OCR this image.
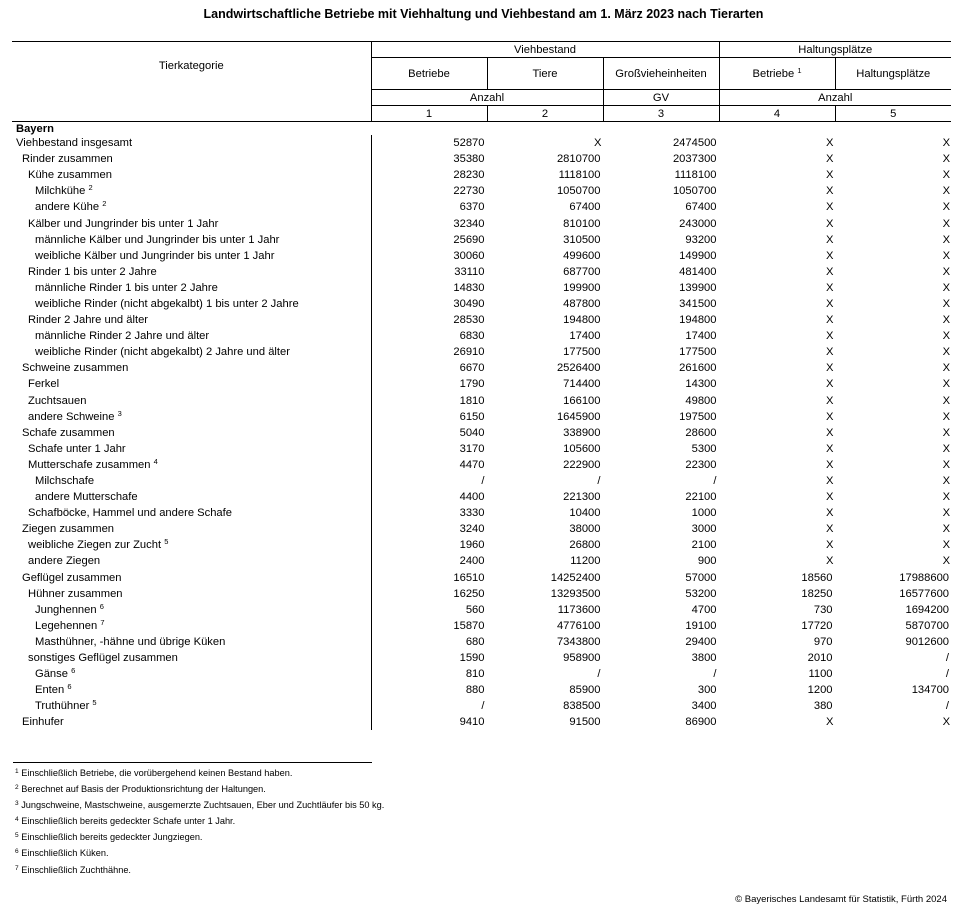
Landwirtschaftliche Betriebe mit Viehhaltung und Viehbestand am 1. März 2023 nach Tierarten
Tierkategorie	Viehbestand			Haltungsplätze	
	Betriebe	Tiere	Großvieheinheiten	Betriebe $^1$	Haltungsplätze
	Anzahl		GV	Anzahl	
	1	2	3	4	5
Bayern					
Viehbestand insgesamt	52870	X	2474500	X	X
Rinder zusammen	35380	2810700	2037300	X	X
Kühe zusammen	28230	1118100	1118100	X	X
Milchkühe $^2$	22730	1050700	1050700	X	X
andere Kühe $^2$	6370	67400	67400	X	X
Kälber und Jungrinder bis unter 1 Jahr	32340	810100	243000	X	X
männliche Kälber und Jungrinder bis unter 1 Jahr	25690	310500	93200	X	X
weibliche Kälber und Jungrinder bis unter 1 Jahr	30060	499600	149900	X	X
Rinder 1 bis unter 2 Jahre	33110	687700	481400	X	X
männliche Rinder 1 bis unter 2 Jahre	14830	199900	139900	X	X
weibliche Rinder (nicht abgekalbt) 1 bis unter 2 Jahre	30490	487800	341500	X	X
Rinder 2 Jahre und älter	28530	194800	194800	X	X
männliche Rinder 2 Jahre und älter	6830	17400	17400	X	X
weibliche Rinder (nicht abgekalbt) 2 Jahre und älter	26910	177500	177500	X	X
Schweine zusammen	6670	2526400	261600	X	X
Ferkel	1790	714400	14300	X	X
Zuchtsauen	1810	166100	49800	X	X
andere Schweine $^3$	6150	1645900	197500	X	X
Schafe zusammen	5040	338900	28600	X	X
Schafe unter 1 Jahr	3170	105600	5300	X	X
Mutterschafe zusammen $^4$	4470	222900	22300	X	X
Milchschafe	/	/	/	X	X
andere Mutterschafe	4400	221300	22100	X	X
Schafböcke, Hammel und andere Schafe	3330	10400	1000	X	X
Ziegen zusammen	3240	38000	3000	X	X
weibliche Ziegen zur Zucht $^5$	1960	26800	2100	X	X
andere Ziegen	2400	11200	900	X	X
Geflügel zusammen	16510	14252400	57000	18560	17988600
Hühner zusammen	16250	13293500	53200	18250	16577600
Junghennen $^6$	560	1173600	4700	730	1694200
Legehennen $^7$	15870	4776100	19100	17720	5870700
Masthühner, -hähne und übrige Küken	680	7343800	29400	970	9012600
sonstiges Geflügel zusammen	1590	958900	3800	2010	/
Gänse $^6$	810	/	/	1100	/
Enten $^6$	880	85900	300	1200	134700
Truthühner $^5$	/	838500	3400	380	/
Einhufer	9410	91500	86900	X	X
$^1$ Einschließlich Betriebe, die vorübergehend keinen Bestand haben.
$^2$ Berechnet auf Basis der Produktionsrichtung der Haltungen.
$^3$ Jungschweine, Mastschweine, ausgemerzte Zuchtsauen, Eber und Zuchtläufer bis 50 kg.
$^4$ Einschließlich bereits gedeckter Schafe unter 1 Jahr.
$^5$ Einschließlich bereits gedeckter Jungziegen.
$^6$ Einschließlich Küken.
$^7$ Einschließlich Zuchthähne.
© Bayerisches Landesamt für Statistik, Fürth 2024
